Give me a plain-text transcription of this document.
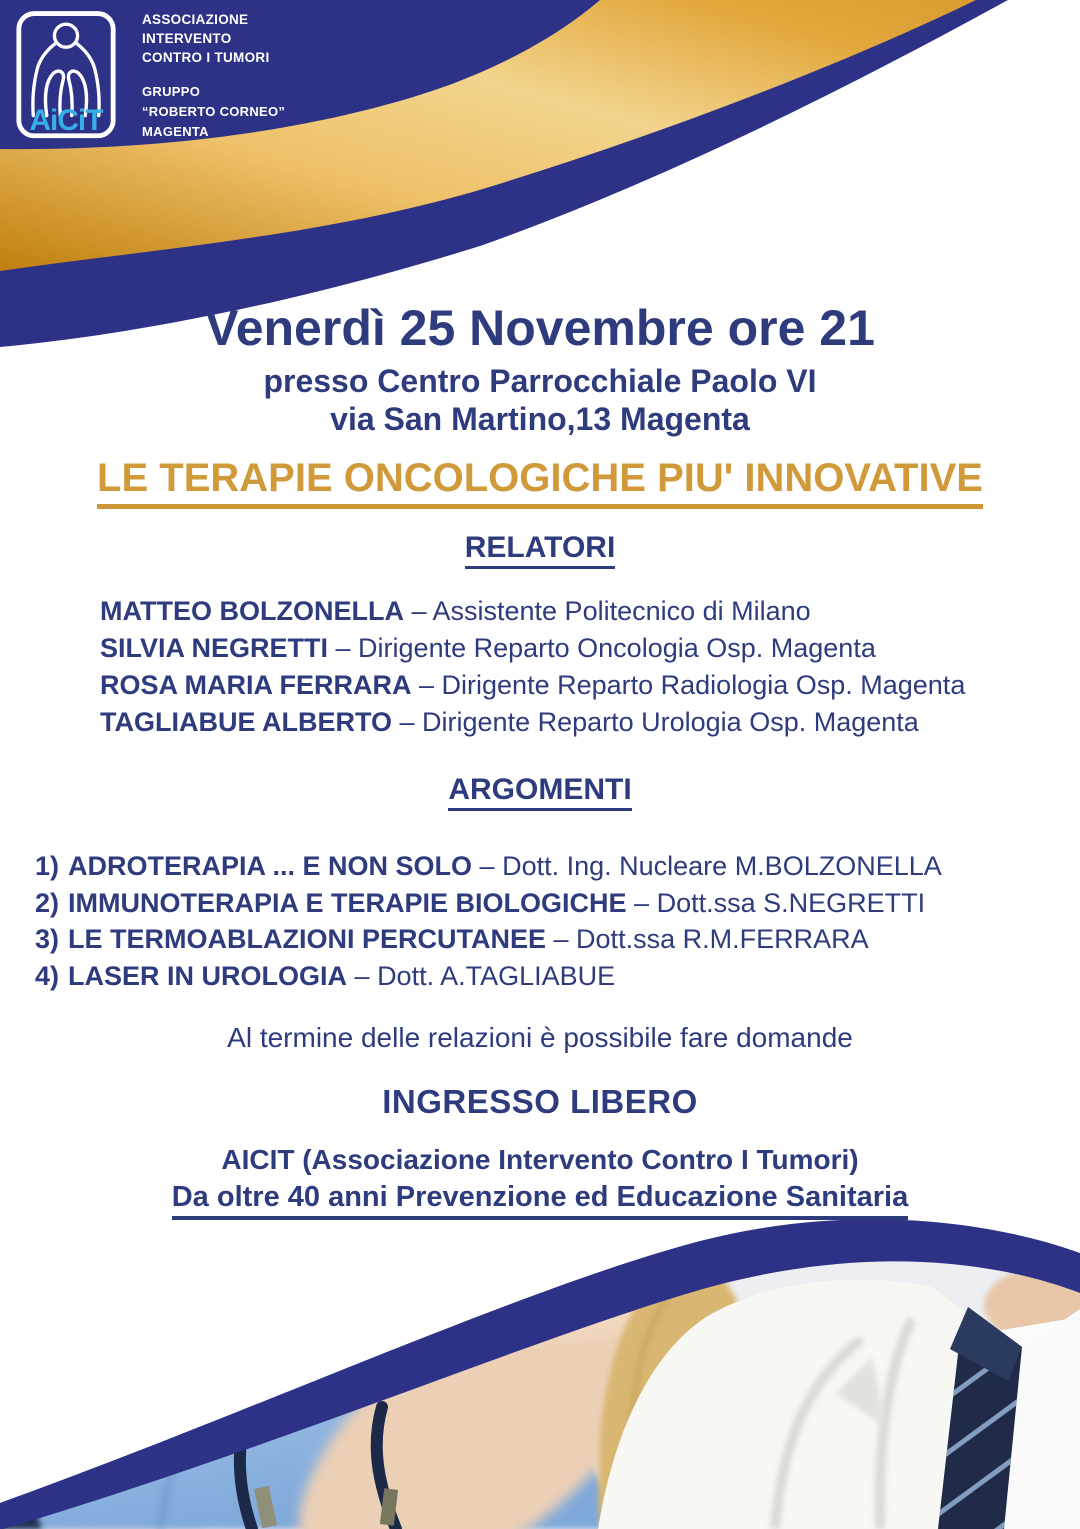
AiCiT
ASSOCIAZIONE
INTERVENTO
CONTRO I TUMORI
GRUPPO
“ROBERTO CORNEO”
MAGENTA
Venerdì 25 Novembre ore 21
presso Centro Parrocchiale Paolo VI
via San Martino,13 Magenta
LE TERAPIE ONCOLOGICHE PIU' INNOVATIVE
RELATORI
MATTEO BOLZONELLA – Assistente Politecnico di Milano
SILVIA NEGRETTI – Dirigente Reparto Oncologia Osp. Magenta
ROSA MARIA FERRARA – Dirigente Reparto Radiologia Osp. Magenta
TAGLIABUE ALBERTO – Dirigente Reparto Urologia Osp. Magenta
ARGOMENTI
1) ADROTERAPIA ... E NON SOLO – Dott. Ing. Nucleare M.BOLZONELLA
2) IMMUNOTERAPIA E TERAPIE BIOLOGICHE – Dott.ssa S.NEGRETTI
3) LE TERMOABLAZIONI PERCUTANEE – Dott.ssa R.M.FERRARA
4) LASER IN UROLOGIA – Dott. A.TAGLIABUE
Al termine delle relazioni è possibile fare domande
INGRESSO LIBERO
AICIT (Associazione Intervento Contro I Tumori)
Da oltre 40 anni Prevenzione ed Educazione Sanitaria
